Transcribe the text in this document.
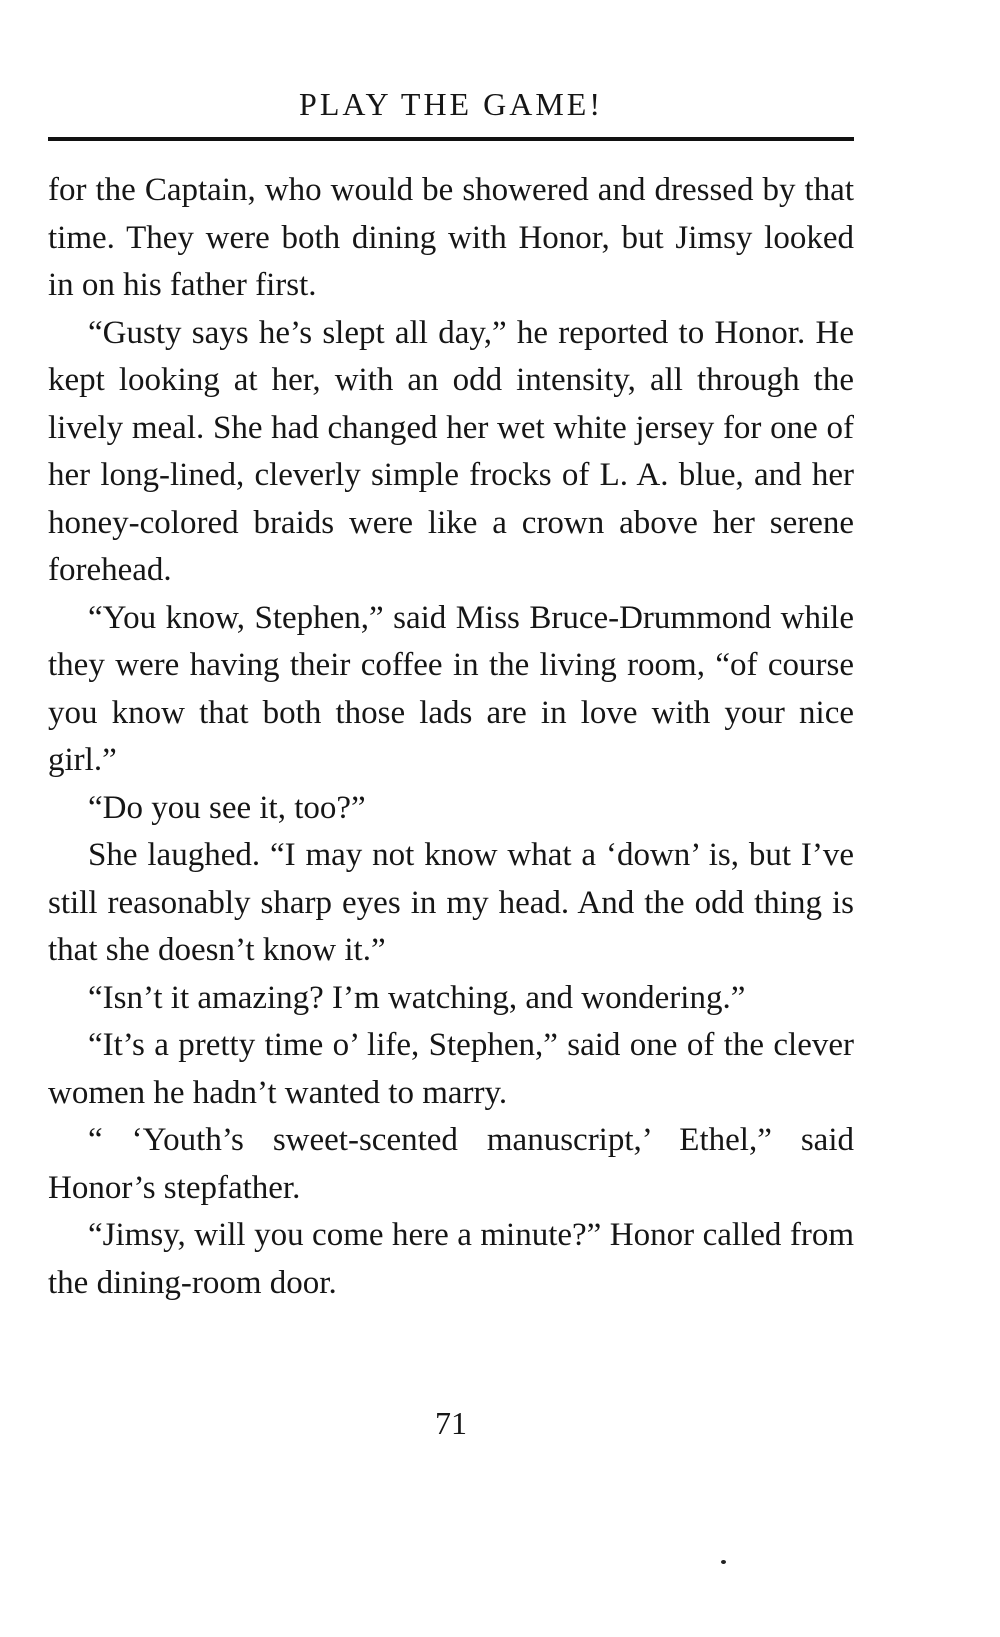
PLAY THE GAME!

for the Captain, who would be showered and dressed by that time. They were both dining with Honor, but Jimsy looked in on his father first.

“Gusty says he’s slept all day,” he reported to Honor. He kept looking at her, with an odd intensity, all through the lively meal. She had changed her wet white jersey for one of her long-lined, cleverly simple frocks of L. A. blue, and her honey-colored braids were like a crown above her serene forehead.

“You know, Stephen,” said Miss Bruce-Drummond while they were having their coffee in the living room, “of course you know that both those lads are in love with your nice girl.”

“Do you see it, too?”

She laughed. “I may not know what a ‘down’ is, but I’ve still reasonably sharp eyes in my head. And the odd thing is that she doesn’t know it.”

“Isn’t it amazing? I’m watching, and wondering.”

“It’s a pretty time o’ life, Stephen,” said one of the clever women he hadn’t wanted to marry.

“ ‘Youth’s sweet-scented manuscript,’ Ethel,” said Honor’s stepfather.

“Jimsy, will you come here a minute?” Honor called from the dining-room door.

71
